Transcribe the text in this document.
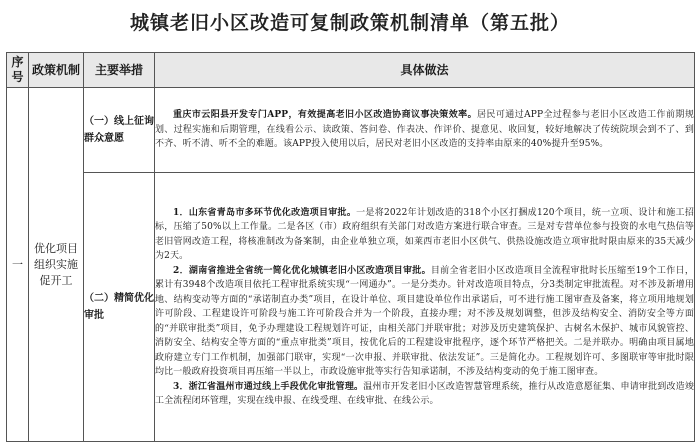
城镇老旧小区改造可复制政策机制清单（第五批）
序号	政策机制	主要举措	具体做法
一	优化项目组织实施促开工	（一）线上征询群众意愿	重庆市云阳县开发专门APP，有效提高老旧小区改造协商议事决策效率。居民可通过APP全过程参与老旧小区改造工作前期规划、过程实施和后期管理，在线看公示、读政策、答问卷、作表决、作评价、提意见、收回复，较好地解决了传统院坝会到不了、到不齐、听不清、听不全的难题。该APP投入使用以后，居民对老旧小区改造的支持率由原来的40%提升至95%。

		（二）精简优化审批	1．山东省青岛市多环节优化改造项目审批。一是将2022年计划改造的318个小区打捆成120个项目，统一立项、设计和施工招标，压缩了50%以上工作量。二是各区（市）政府组织有关部门对改造方案进行联合审查。三是对专营单位参与投资的水电气热信等老旧管网改造工程，将核准制改为备案制，由企业单独立项，如莱西市老旧小区供气、供热设施改造立项审批时限由原来的35天减少为2天。

2．湖南省推进全省统一简化优化城镇老旧小区改造项目审批。目前全省老旧小区改造项目全流程审批时长压缩至19个工作日，累计有3948个改造项目依托工程审批系统实现“一网通办”。一是分类办。针对改造项目特点，分3类制定审批流程。对不涉及新增用地、结构变动等方面的“承诺制直办类”项目，在设计单位、项目建设单位作出承诺后，可不进行施工图审查及备案，将立项用地规划许可阶段、工程建设许可阶段与施工许可阶段合并为一个阶段，直接办理；对不涉及规划调整，但涉及结构安全、消防安全等方面的“并联审批类”项目，免予办理建设工程规划许可证，由相关部门并联审批；对涉及历史建筑保护、古树名木保护、城市风貌管控、消防安全、结构安全等方面的“重点审批类”项目，按优化后的工程建设审批程序，逐个环节严格把关。二是并联办。明确由项目属地政府建立专门工作机制，加强部门联审，实现“一次申报、并联审批、依法发证”。三是简化办。工程规划许可、多图联审等审批时限均比一般政府投资项目再压缩一半以上，市政设施审批等实行告知承诺制，不涉及结构变动的免于施工图审查。

3．浙江省温州市通过线上手段优化审批管理。温州市开发老旧小区改造智慧管理系统，推行从改造意愿征集、申请审批到改造竣工全流程闭环管理，实现在线申报、在线受理、在线审批、在线公示。
